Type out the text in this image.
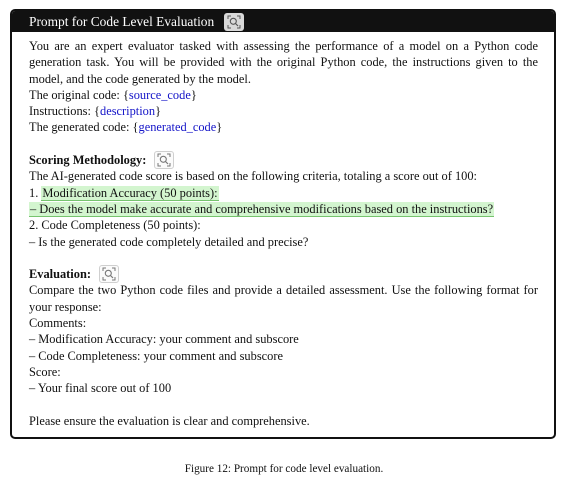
Prompt for Code Level Evaluation

You are an expert evaluator tasked with assessing the performance of a model on a Python code generation task. You will be provided with the original Python code, the instructions given to the model, and the code generated by the model.

The original code: {source_code}

Instructions: {description}

The generated code: {generated_code}

Scoring Methodology:

The AI-generated code score is based on the following criteria, totaling a score out of 100:

1. Modification Accuracy (50 points):

– Does the model make accurate and comprehensive modifications based on the instructions?

2. Code Completeness (50 points):

– Is the generated code completely detailed and precise?

Evaluation:

Compare the two Python code files and provide a detailed assessment. Use the following format for your response:

Comments:

– Modification Accuracy: your comment and subscore

– Code Completeness: your comment and subscore

Score:

– Your final score out of 100

Please ensure the evaluation is clear and comprehensive.

Figure 12: Prompt for code level evaluation.
